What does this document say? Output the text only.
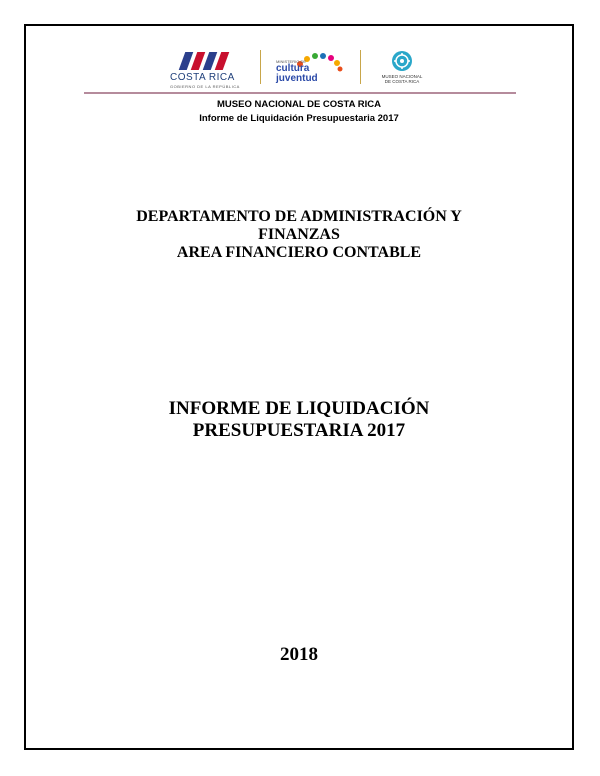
COSTA RICA
GOBIERNO DE LA REPÚBLICA
MINISTERIO DE
cultura
juventud	MUSEO NACIONAL
DE COSTA RICA
MUSEO NACIONAL DE COSTA RICA
Informe de Liquidación Presupuestaria 2017
DEPARTAMENTO DE ADMINISTRACIÓN Y
FINANZAS
AREA FINANCIERO CONTABLE
INFORME DE LIQUIDACIÓN
PRESUPUESTARIA 2017
2018
